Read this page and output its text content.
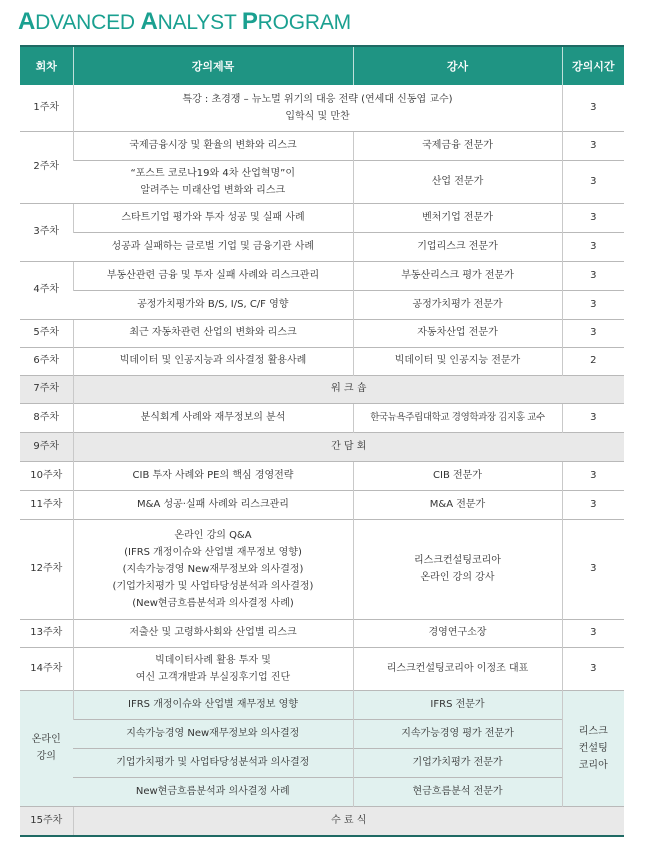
ADVANCED ANALYST PROGRAM
회차	강의제목	강사	강의시간
1주차	특강 : 초경쟁 – 뉴노멀 위기의 대응 전략 (연세대 신동엽 교수)
입학식 및 만찬		3
2주차	국제금융시장 및 환율의 변화와 리스크	국제금융 전문가	3
	“포스트 코로나19와 4차 산업혁명”이
알려주는 미래산업 변화와 리스크	산업 전문가	3
3주차	스타트기업 평가와 투자 성공 및 실패 사례	벤처기업 전문가	3
	성공과 실패하는 글로벌 기업 및 금융기관 사례	기업리스크 전문가	3
4주차	부동산관련 금융 및 투자 실패 사례와 리스크관리	부동산리스크 평가 전문가	3
	공정가치평가와 B/S, I/S, C/F 영향	공정가치평가 전문가	3
5주차	최근 자동차관련 산업의 변화와 리스크	자동차산업 전문가	3
6주차	빅데이터 및 인공지능과 의사결정 활용사례	빅데이터 및 인공지능 전문가	2
7주차	워 크 숍		
8주차	분식회계 사례와 재무정보의 분석	한국뉴욕주립대학교 경영학과장 김지홍 교수	3
9주차	간 담 회		
10주차	CIB 투자 사례와 PE의 핵심 경영전략	CIB 전문가	3
11주차	M&A 성공·실패 사례와 리스크관리	M&A 전문가	3
12주차	온라인 강의 Q&A
(IFRS 개정이슈와 산업별 재무정보 영향)
(지속가능경영 New재무정보와 의사결정)
(기업가치평가 및 사업타당성분석과 의사결정)
(New현금흐름분석과 의사결정 사례)	리스크컨설팅코리아
온라인 강의 강사	3
13주차	저출산 및 고령화사회와 산업별 리스크	경영연구소장	3
14주차	빅데이터사례 활용 투자 및
여신 고객개발과 부실징후기업 진단	리스크컨설팅코리아 이정조 대표	3
온라인
강의	IFRS 개정이슈와 산업별 재무정보 영향	IFRS 전문가	리스크
컨설팅
코리아
	지속가능경영 New재무정보와 의사결정	지속가능경영 평가 전문가	
	기업가치평가 및 사업타당성분석과 의사결정	기업가치평가 전문가	
	New현금흐름분석과 의사결정 사례	현금흐름분석 전문가	
15주차	수 료 식		
